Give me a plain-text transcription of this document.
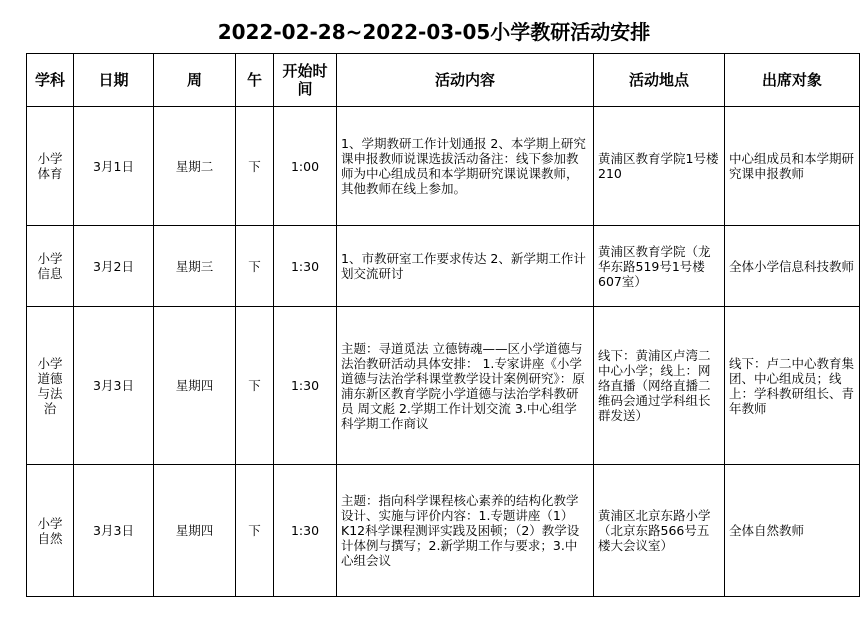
2022-02-28~2022-03-05小学教研活动安排
学科	日期	周	午	开始时间	活动内容	活动地点	出席对象
小学体育	3月1日	星期二	下	1:00	1、学期教研工作计划通报 2、本学期上研究课申报教师说课选拔活动备注：线下参加教师为中心组成员和本学期研究课说课教师，其他教师在线上参加。	黄浦区教育学院1号楼210	中心组成员和本学期研究课申报教师
小学信息	3月2日	星期三	下	1:30	1、市教研室工作要求传达 2、新学期工作计划交流研讨	黄浦区教育学院（龙华东路519号1号楼607室）	全体小学信息科技教师
小学道德与法治	3月3日	星期四	下	1:30	主题：寻道觅法 立德铸魂——区小学道德与法治教研活动具体安排： 1.专家讲座《小学道德与法治学科课堂教学设计案例研究》：原浦东新区教育学院小学道德与法治学科教研员 周文彪 2.学期工作计划交流 3.中心组学科学期工作商议	线下：黄浦区卢湾二中心小学；线上：网络直播（网络直播二维码会通过学科组长群发送）	线下：卢二中心教育集团、中心组成员；线上：学科教研组长、青年教师
小学自然	3月3日	星期四	下	1:30	主题：指向科学课程核心素养的结构化教学设计、实施与评价内容：1.专题讲座（1）K12科学课程测评实践及困顿；（2）教学设计体例与撰写；2.新学期工作与要求；3.中心组会议	黄浦区北京东路小学（北京东路566号五楼大会议室）	全体自然教师
